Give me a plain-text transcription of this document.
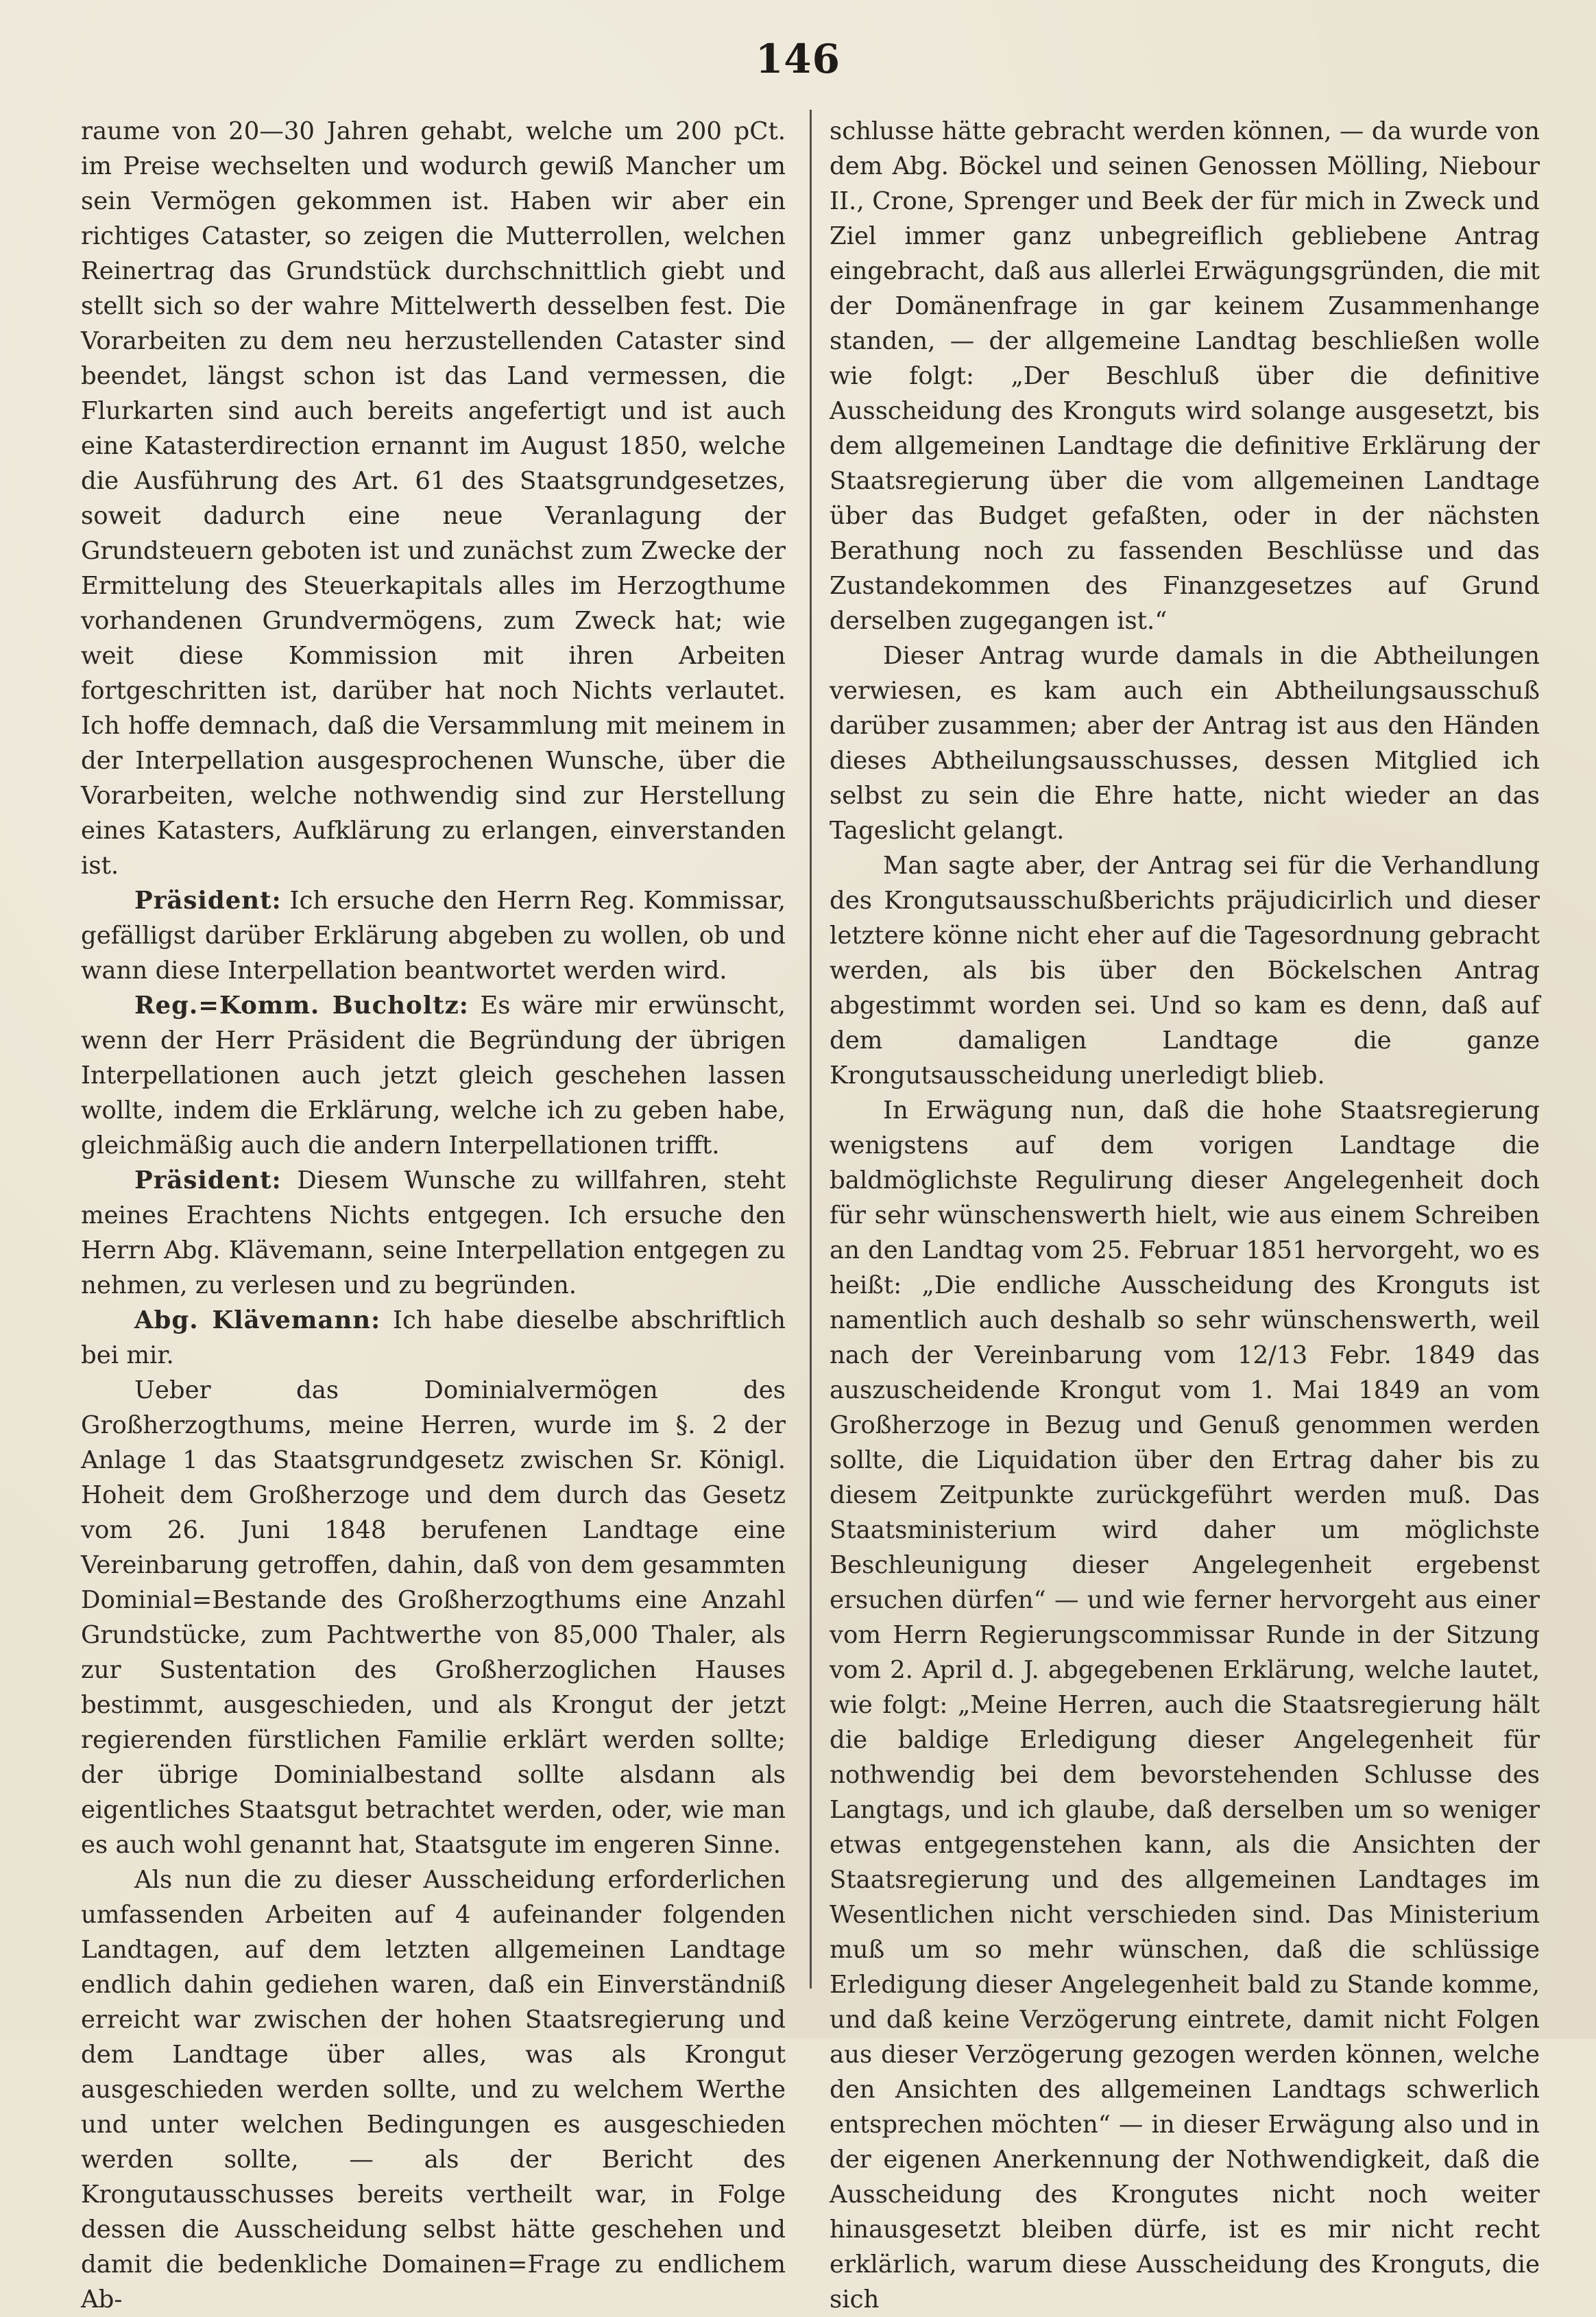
146

raume von 20—30 Jahren gehabt, welche um 200 pCt. im Preise wechselten und wodurch gewiß Mancher um sein Vermögen gekommen ist. Haben wir aber ein richtiges Cataster, so zeigen die Mutterrollen, welchen Reinertrag das Grundstück durchschnittlich giebt und stellt sich so der wahre Mittelwerth desselben fest. Die Vorarbeiten zu dem neu herzustellenden Cataster sind beendet, längst schon ist das Land vermessen, die Flurkarten sind auch bereits angefertigt und ist auch eine Katasterdirection ernannt im August 1850, welche die Ausführung des Art. 61 des Staatsgrundgesetzes, soweit dadurch eine neue Veranlagung der Grundsteuern geboten ist und zunächst zum Zwecke der Ermittelung des Steuerkapitals alles im Herzogthume vorhandenen Grundvermögens, zum Zweck hat; wie weit diese Kommission mit ihren Arbeiten fortgeschritten ist, darüber hat noch Nichts verlautet. Ich hoffe demnach, daß die Versammlung mit meinem in der Interpellation ausgesprochenen Wunsche, über die Vorarbeiten, welche nothwendig sind zur Herstellung eines Katasters, Aufklärung zu erlangen, einverstanden ist.

Präsident: Ich ersuche den Herrn Reg. Kommissar, gefälligst darüber Erklärung abgeben zu wollen, ob und wann diese Interpellation beantwortet werden wird.

Reg.=Komm. Bucholtz: Es wäre mir erwünscht, wenn der Herr Präsident die Begründung der übrigen Interpellationen auch jetzt gleich geschehen lassen wollte, indem die Erklärung, welche ich zu geben habe, gleichmäßig auch die andern Interpellationen trifft.

Präsident: Diesem Wunsche zu willfahren, steht meines Erachtens Nichts entgegen. Ich ersuche den Herrn Abg. Klävemann, seine Interpellation entgegen zu nehmen, zu verlesen und zu begründen.

Abg. Klävemann: Ich habe dieselbe abschriftlich bei mir.

Ueber das Dominialvermögen des Großherzogthums, meine Herren, wurde im §. 2 der Anlage 1 das Staatsgrundgesetz zwischen Sr. Königl. Hoheit dem Großherzoge und dem durch das Gesetz vom 26. Juni 1848 berufenen Landtage eine Vereinbarung getroffen, dahin, daß von dem gesammten Dominial=Bestande des Großherzogthums eine Anzahl Grundstücke, zum Pachtwerthe von 85,000 Thaler, als zur Sustentation des Großherzoglichen Hauses bestimmt, ausgeschieden, und als Krongut der jetzt regierenden fürstlichen Familie erklärt werden sollte; der übrige Dominialbestand sollte alsdann als eigentliches Staatsgut betrachtet werden, oder, wie man es auch wohl genannt hat, Staatsgute im engeren Sinne.

Als nun die zu dieser Ausscheidung erforderlichen umfassenden Arbeiten auf 4 aufeinander folgenden Landtagen, auf dem letzten allgemeinen Landtage endlich dahin gediehen waren, daß ein Einverständniß erreicht war zwischen der hohen Staatsregierung und dem Landtage über alles, was als Krongut ausgeschieden werden sollte, und zu welchem Werthe und unter welchen Bedingungen es ausgeschieden werden sollte, — als der Bericht des Krongutausschusses bereits vertheilt war, in Folge dessen die Ausscheidung selbst hätte geschehen und damit die bedenkliche Domainen=Frage zu endlichem Ab-

schlusse hätte gebracht werden können, — da wurde von dem Abg. Böckel und seinen Genossen Mölling, Niebour II., Crone, Sprenger und Beek der für mich in Zweck und Ziel immer ganz unbegreiflich gebliebene Antrag eingebracht, daß aus allerlei Erwägungsgründen, die mit der Domänenfrage in gar keinem Zusammenhange standen, — der allgemeine Landtag beschließen wolle wie folgt: „Der Beschluß über die definitive Ausscheidung des Kronguts wird solange ausgesetzt, bis dem allgemeinen Landtage die definitive Erklärung der Staatsregierung über die vom allgemeinen Landtage über das Budget gefaßten, oder in der nächsten Berathung noch zu fassenden Beschlüsse und das Zustandekommen des Finanzgesetzes auf Grund derselben zugegangen ist.“

Dieser Antrag wurde damals in die Abtheilungen verwiesen, es kam auch ein Abtheilungsausschuß darüber zusammen; aber der Antrag ist aus den Händen dieses Abtheilungsausschusses, dessen Mitglied ich selbst zu sein die Ehre hatte, nicht wieder an das Tageslicht gelangt.

Man sagte aber, der Antrag sei für die Verhandlung des Krongutsausschußberichts präjudicirlich und dieser letztere könne nicht eher auf die Tagesordnung gebracht werden, als bis über den Böckelschen Antrag abgestimmt worden sei. Und so kam es denn, daß auf dem damaligen Landtage die ganze Krongutsausscheidung unerledigt blieb.

In Erwägung nun, daß die hohe Staatsregierung wenigstens auf dem vorigen Landtage die baldmöglichste Regulirung dieser Angelegenheit doch für sehr wünschenswerth hielt, wie aus einem Schreiben an den Landtag vom 25. Februar 1851 hervorgeht, wo es heißt: „Die endliche Ausscheidung des Kronguts ist namentlich auch deshalb so sehr wünschenswerth, weil nach der Vereinbarung vom 12/13 Febr. 1849 das auszuscheidende Krongut vom 1. Mai 1849 an vom Großherzoge in Bezug und Genuß genommen werden sollte, die Liquidation über den Ertrag daher bis zu diesem Zeitpunkte zurückgeführt werden muß. Das Staatsministerium wird daher um möglichste Beschleunigung dieser Angelegenheit ergebenst ersuchen dürfen“ — und wie ferner hervorgeht aus einer vom Herrn Regierungscommissar Runde in der Sitzung vom 2. April d. J. abgegebenen Erklärung, welche lautet, wie folgt: „Meine Herren, auch die Staatsregierung hält die baldige Erledigung dieser Angelegenheit für nothwendig bei dem bevorstehenden Schlusse des Langtags, und ich glaube, daß derselben um so weniger etwas entgegenstehen kann, als die Ansichten der Staatsregierung und des allgemeinen Landtages im Wesentlichen nicht verschieden sind. Das Ministerium muß um so mehr wünschen, daß die schlüssige Erledigung dieser Angelegenheit bald zu Stande komme, und daß keine Verzögerung eintrete, damit nicht Folgen aus dieser Verzögerung gezogen werden können, welche den Ansichten des allgemeinen Landtags schwerlich entsprechen möchten“ — in dieser Erwägung also und in der eigenen Anerkennung der Nothwendigkeit, daß die Ausscheidung des Krongutes nicht noch weiter hinausgesetzt bleiben dürfe, ist es mir nicht recht erklärlich, warum diese Ausscheidung des Kronguts, die sich
